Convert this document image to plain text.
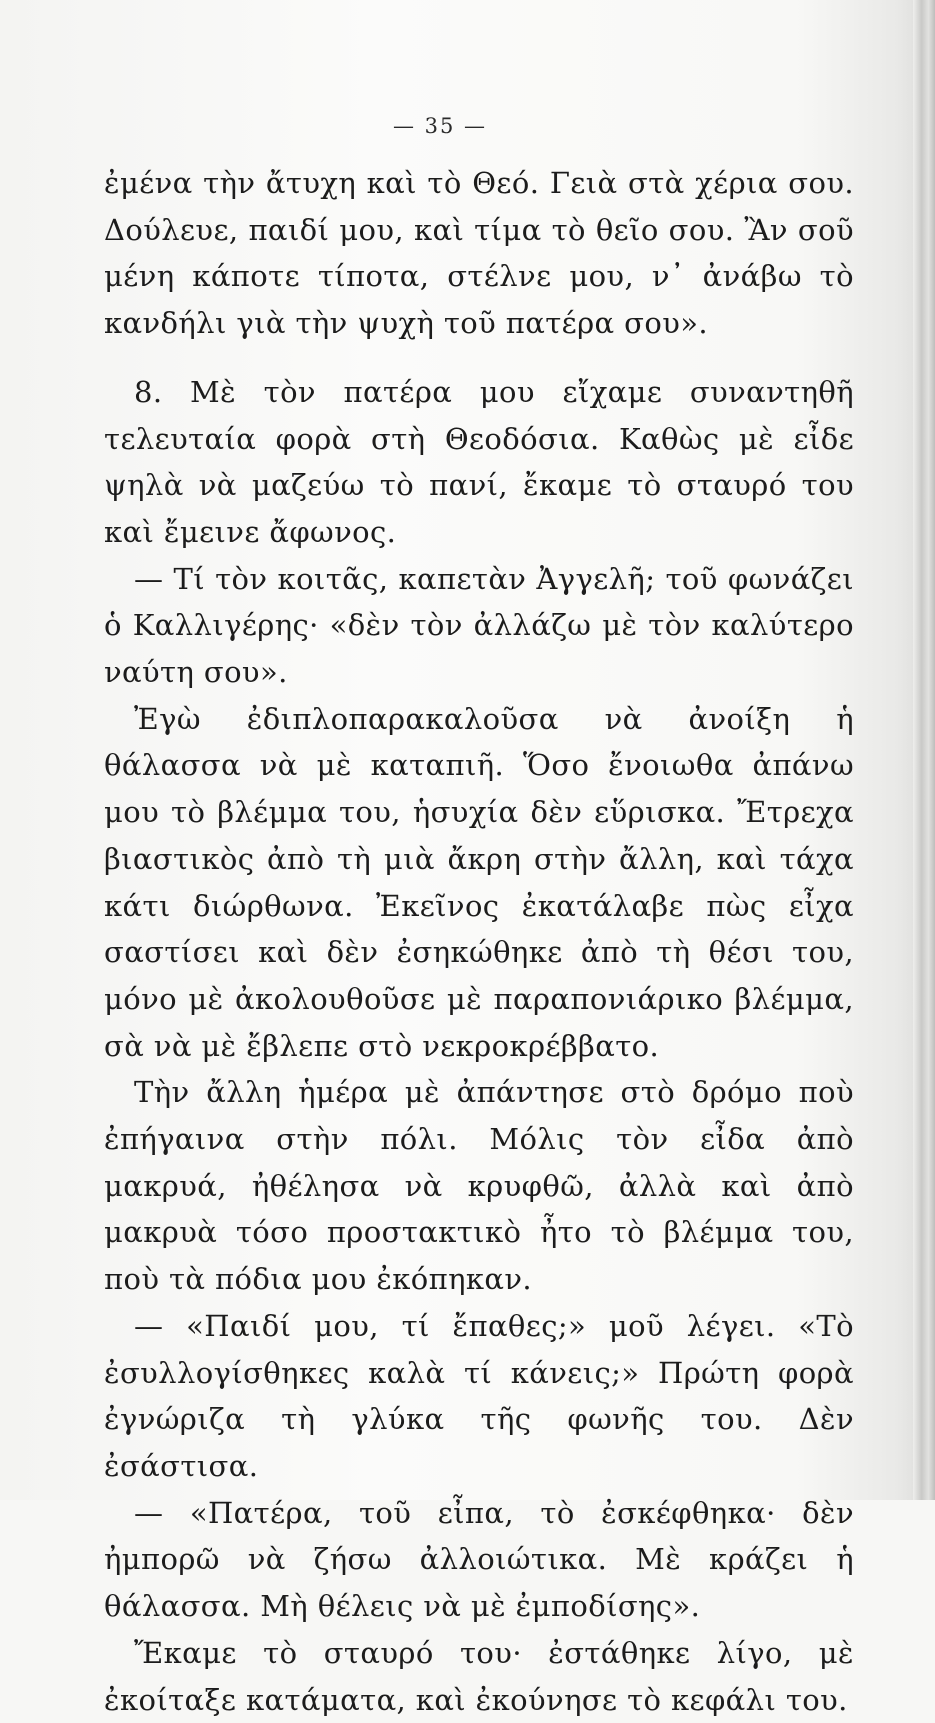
— 35 —

ἐμένα τὴν ἄτυχη καὶ τὸ Θεό. Γειὰ στὰ χέρια σου. Δούλευε, παιδί μου, καὶ τίμα τὸ θεῖο σου. Ἂν σοῦ μένη κάποτε τίποτα, στέλνε μου, ν᾿ ἀνάβω τὸ κανδήλι γιὰ τὴν ψυχὴ τοῦ πατέρα σου».

8. Μὲ τὸν πατέρα μου εἴχαμε συναντηθῆ τελευταία φορὰ στὴ Θεοδόσια. Καθὼς μὲ εἶδε ψηλὰ νὰ μαζεύω τὸ πανί, ἔκαμε τὸ σταυρό του καὶ ἔμεινε ἄφωνος.

— Τί τὸν κοιτᾶς, καπετὰν Ἀγγελῆ; τοῦ φωνάζει ὁ Καλλιγέρης· «δὲν τὸν ἀλλάζω μὲ τὸν καλύτερο ναύτη σου».

Ἐγὼ ἐδιπλοπαρακαλοῦσα νὰ ἀνοίξη ἡ θάλασσα νὰ μὲ καταπιῆ. Ὅσο ἔνοιωθα ἀπάνω μου τὸ βλέμμα του, ἡσυχία δὲν εὕρισκα. Ἔτρεχα βιαστικὸς ἀπὸ τὴ μιὰ ἄκρη στὴν ἄλλη, καὶ τάχα κάτι διώρθωνα. Ἐκεῖνος ἐκατάλαβε πὼς εἶχα σαστίσει καὶ δὲν ἐσηκώθηκε ἀπὸ τὴ θέσι του, μόνο μὲ ἀκολουθοῦσε μὲ παραπονιάρικο βλέμμα, σὰ νὰ μὲ ἔβλεπε στὸ νεκροκρέββατο.

Τὴν ἄλλη ἡμέρα μὲ ἀπάντησε στὸ δρόμο ποὺ ἐπήγαινα στὴν πόλι. Μόλις τὸν εἶδα ἀπὸ μακρυά, ἠθέλησα νὰ κρυφθῶ, ἀλλὰ καὶ ἀπὸ μακρυὰ τόσο προστακτικὸ ἦτο τὸ βλέμμα του, ποὺ τὰ πόδια μου ἐκόπηκαν.

— «Παιδί μου, τί ἔπαθες;» μοῦ λέγει. «Τὸ ἐσυλλογίσθηκες καλὰ τί κάνεις;» Πρώτη φορὰ ἐγνώριζα τὴ γλύκα τῆς φωνῆς του. Δὲν ἐσάστισα.

— «Πατέρα, τοῦ εἶπα, τὸ ἐσκέφθηκα· δὲν ἠμπορῶ νὰ ζήσω ἀλλοιώτικα. Μὲ κράζει ἡ θάλασσα. Μὴ θέλεις νὰ μὲ ἐμποδίσης».

Ἔκαμε τὸ σταυρό του· ἐστάθηκε λίγο, μὲ ἐκοίταξε κατάματα, καὶ ἐκούνησε τὸ κεφάλι του.
